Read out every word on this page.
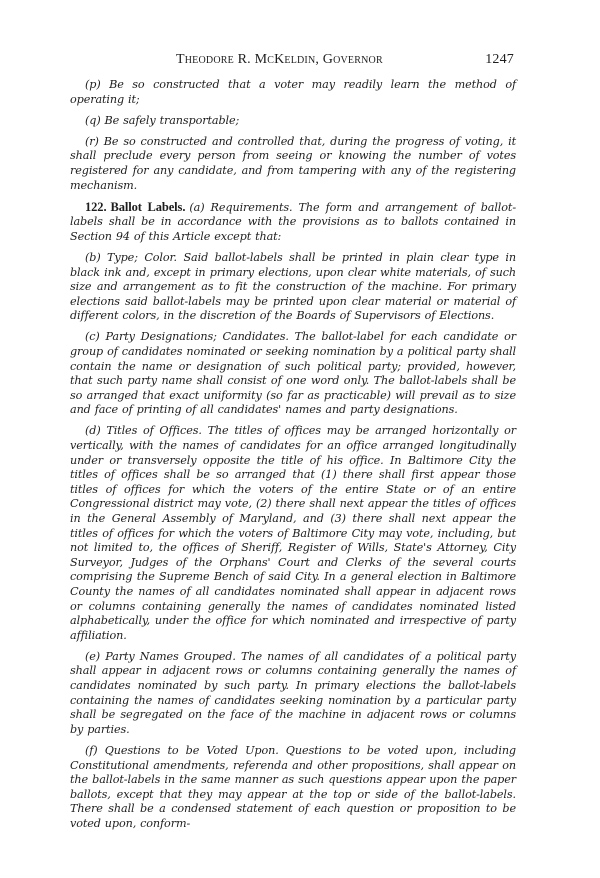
Theodore R. McKeldin, Governor	1247

(p) Be so constructed that a voter may readily learn the method of operating it;

(q) Be safely transportable;

(r) Be so constructed and controlled that, during the progress of voting, it shall preclude every person from seeing or knowing the number of votes registered for any candidate, and from tampering with any of the registering mechanism.

122. Ballot Labels. (a) Requirements. The form and arrangement of ballot-labels shall be in accordance with the provisions as to ballots contained in Section 94 of this Article except that:

(b) Type; Color. Said ballot-labels shall be printed in plain clear type in black ink and, except in primary elections, upon clear white materials, of such size and arrangement as to fit the construction of the machine. For primary elections said ballot-labels may be printed upon clear material or material of different colors, in the discretion of the Boards of Supervisors of Elections.

(c) Party Designations; Candidates. The ballot-label for each candidate or group of candidates nominated or seeking nomination by a political party shall contain the name or designation of such political party; provided, however, that such party name shall consist of one word only. The ballot-labels shall be so arranged that exact uniformity (so far as practicable) will prevail as to size and face of printing of all candidates' names and party designations.

(d) Titles of Offices. The titles of offices may be arranged horizontally or vertically, with the names of candidates for an office arranged longitudinally under or transversely opposite the title of his office. In Baltimore City the titles of offices shall be so arranged that (1) there shall first appear those titles of offices for which the voters of the entire State or of an entire Congressional district may vote, (2) there shall next appear the titles of offices in the General Assembly of Maryland, and (3) there shall next appear the titles of offices for which the voters of Baltimore City may vote, including, but not limited to, the offices of Sheriff, Register of Wills, State's Attorney, City Surveyor, Judges of the Orphans' Court and Clerks of the several courts comprising the Supreme Bench of said City. In a general election in Baltimore County the names of all candidates nominated shall appear in adjacent rows or columns containing generally the names of candidates nominated listed alphabetically, under the office for which nominated and irrespective of party affiliation.

(e) Party Names Grouped. The names of all candidates of a political party shall appear in adjacent rows or columns containing generally the names of candidates nominated by such party. In primary elections the ballot-labels containing the names of candidates seeking nomination by a particular party shall be segregated on the face of the machine in adjacent rows or columns by parties.

(f) Questions to be Voted Upon. Questions to be voted upon, including Constitutional amendments, referenda and other propositions, shall appear on the ballot-labels in the same manner as such questions appear upon the paper ballots, except that they may appear at the top or side of the ballot-labels. There shall be a condensed statement of each question or proposition to be voted upon, conform-
